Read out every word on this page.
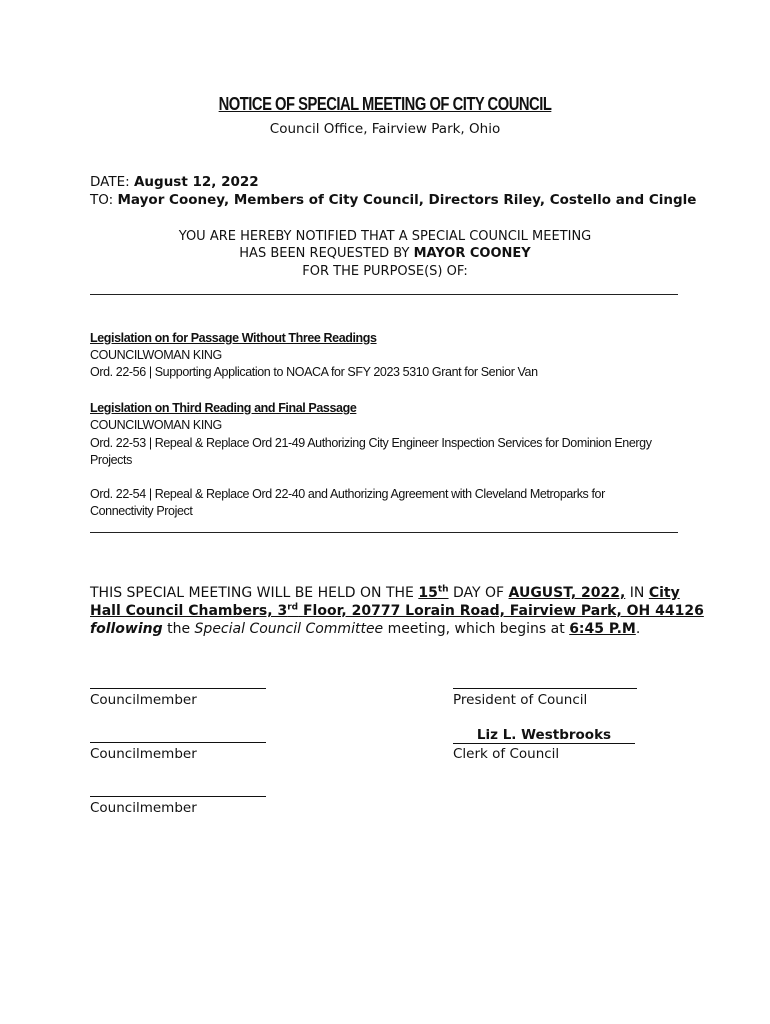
NOTICE OF SPECIAL MEETING OF CITY COUNCIL
Council Office, Fairview Park, Ohio
DATE: August 12, 2022
TO: Mayor Cooney, Members of City Council, Directors Riley, Costello and Cingle
YOU ARE HEREBY NOTIFIED THAT A SPECIAL COUNCIL MEETING
HAS BEEN REQUESTED BY MAYOR COONEY
FOR THE PURPOSE(S) OF:
Legislation on for Passage Without Three Readings
COUNCILWOMAN KING
Ord. 22-56 | Supporting Application to NOACA for SFY 2023 5310 Grant for Senior Van
Legislation on Third Reading and Final Passage
COUNCILWOMAN KING
Ord. 22-53 | Repeal & Replace Ord 21-49 Authorizing City Engineer Inspection Services for Dominion Energy
Projects
Ord. 22-54 | Repeal & Replace Ord 22-40 and Authorizing Agreement with Cleveland Metroparks for
Connectivity Project
THIS SPECIAL MEETING WILL BE HELD ON THE 15th DAY OF AUGUST, 2022, IN City
Hall Council Chambers, 3rd Floor, 20777 Lorain Road, Fairview Park, OH 44126
following the Special Council Committee meeting, which begins at 6:45 P.M.
Councilmember	President of Council
Councilmember
Liz L. Westbrooks
Clerk of Council
Councilmember
